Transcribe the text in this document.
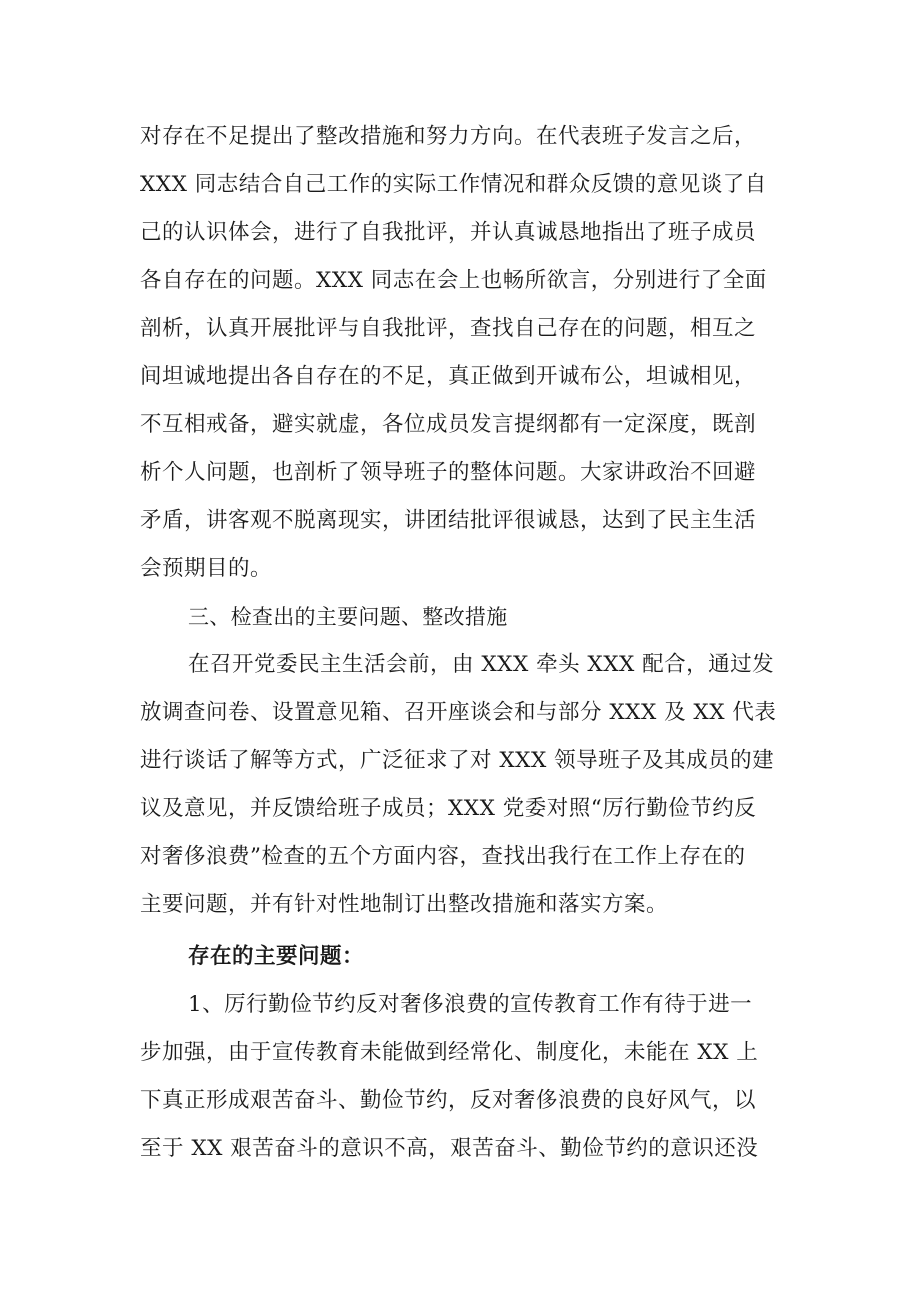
对存在不足提出了整改措施和努力方向。在代表班子发言之后，
XXX 同志结合自己工作的实际工作情况和群众反馈的意见谈了自
己的认识体会，进行了自我批评，并认真诚恳地指出了班子成员
各自存在的问题。XXX 同志在会上也畅所欲言，分别进行了全面
剖析，认真开展批评与自我批评，查找自己存在的问题，相互之
间坦诚地提出各自存在的不足，真正做到开诚布公，坦诚相见，
不互相戒备，避实就虚，各位成员发言提纲都有一定深度，既剖
析个人问题，也剖析了领导班子的整体问题。大家讲政治不回避
矛盾，讲客观不脱离现实，讲团结批评很诚恳，达到了民主生活
会预期目的。
三、检查出的主要问题、整改措施
在召开党委民主生活会前，由 XXX 牵头 XXX 配合，通过发
放调查问卷、设置意见箱、召开座谈会和与部分 XXX 及 XX 代表
进行谈话了解等方式，广泛征求了对 XXX 领导班子及其成员的建
议及意见，并反馈给班子成员；XXX 党委对照“厉行勤俭节约反
对奢侈浪费”检查的五个方面内容，查找出我行在工作上存在的
主要问题，并有针对性地制订出整改措施和落实方案。
存在的主要问题：
1、厉行勤俭节约反对奢侈浪费的宣传教育工作有待于进一
步加强，由于宣传教育未能做到经常化、制度化，未能在 XX 上
下真正形成艰苦奋斗、勤俭节约，反对奢侈浪费的良好风气，以
至于 XX 艰苦奋斗的意识不高，艰苦奋斗、勤俭节约的意识还没
